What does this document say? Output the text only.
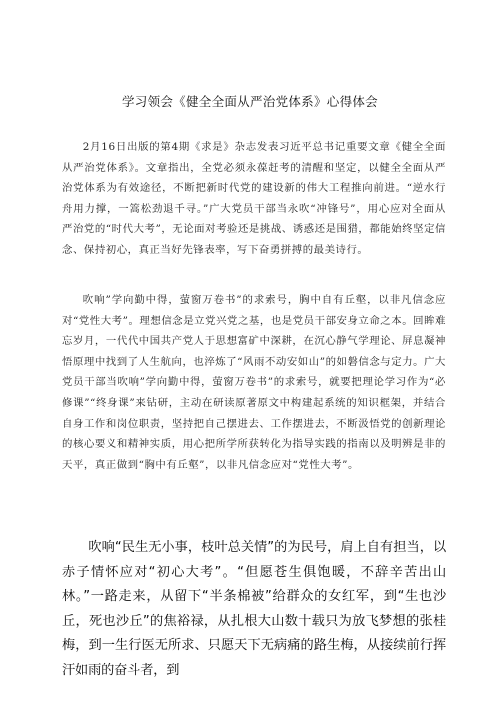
学习领会《健全全面从严治党体系》心得体会

2月16日出版的第4期《求是》杂志发表习近平总书记重要文章《健全全面从严治党体系》。文章指出，全党必须永葆赶考的清醒和坚定，以健全全面从严治党体系为有效途径，不断把新时代党的建设新的伟大工程推向前进。“逆水行舟用力撑，一篙松劲退千寻。”广大党员干部当永吹“冲锋号”，用心应对全面从严治党的“时代大考”，无论面对考验还是挑战、诱惑还是围猎，都能始终坚定信念、保持初心，真正当好先锋表率，写下奋勇拼搏的最美诗行。

吹响”学向勤中得，萤窗万卷书”的求索号，胸中自有丘壑，以非凡信念应对“党性大考”。理想信念是立党兴党之基，也是党员干部安身立命之本。回眸难忘岁月，一代代中国共产党人于思想富矿中深耕，在沉心静气学理论、屏息凝神悟原理中找到了人生航向，也淬炼了“风雨不动安如山”的如磐信念与定力。广大党员干部当吹响”学向勤中得，萤窗万卷书”的求索号，就要把理论学习作为“必修课”“终身课”来钻研，主动在研读原著原文中构建起系统的知识框架，并结合自身工作和岗位职责，坚持把自己摆进去、工作摆进去，不断汲悟党的创新理论的核心要义和精神实质，用心把所学所获转化为指导实践的指南以及明辨是非的天平，真正做到“胸中有丘壑”，以非凡信念应对“党性大考”。

吹响“民生无小事，枝叶总关情”的为民号，肩上自有担当，以赤子情怀应对“初心大考”。“但愿苍生俱饱暖，不辞辛苦出山林。”一路走来，从留下“半条棉被”给群众的女红军，到“生也沙丘，死也沙丘”的焦裕禄，从扎根大山数十载只为放飞梦想的张桂梅，到一生行医无所求、只愿天下无病痛的路生梅，从接续前行挥汗如雨的奋斗者，到
